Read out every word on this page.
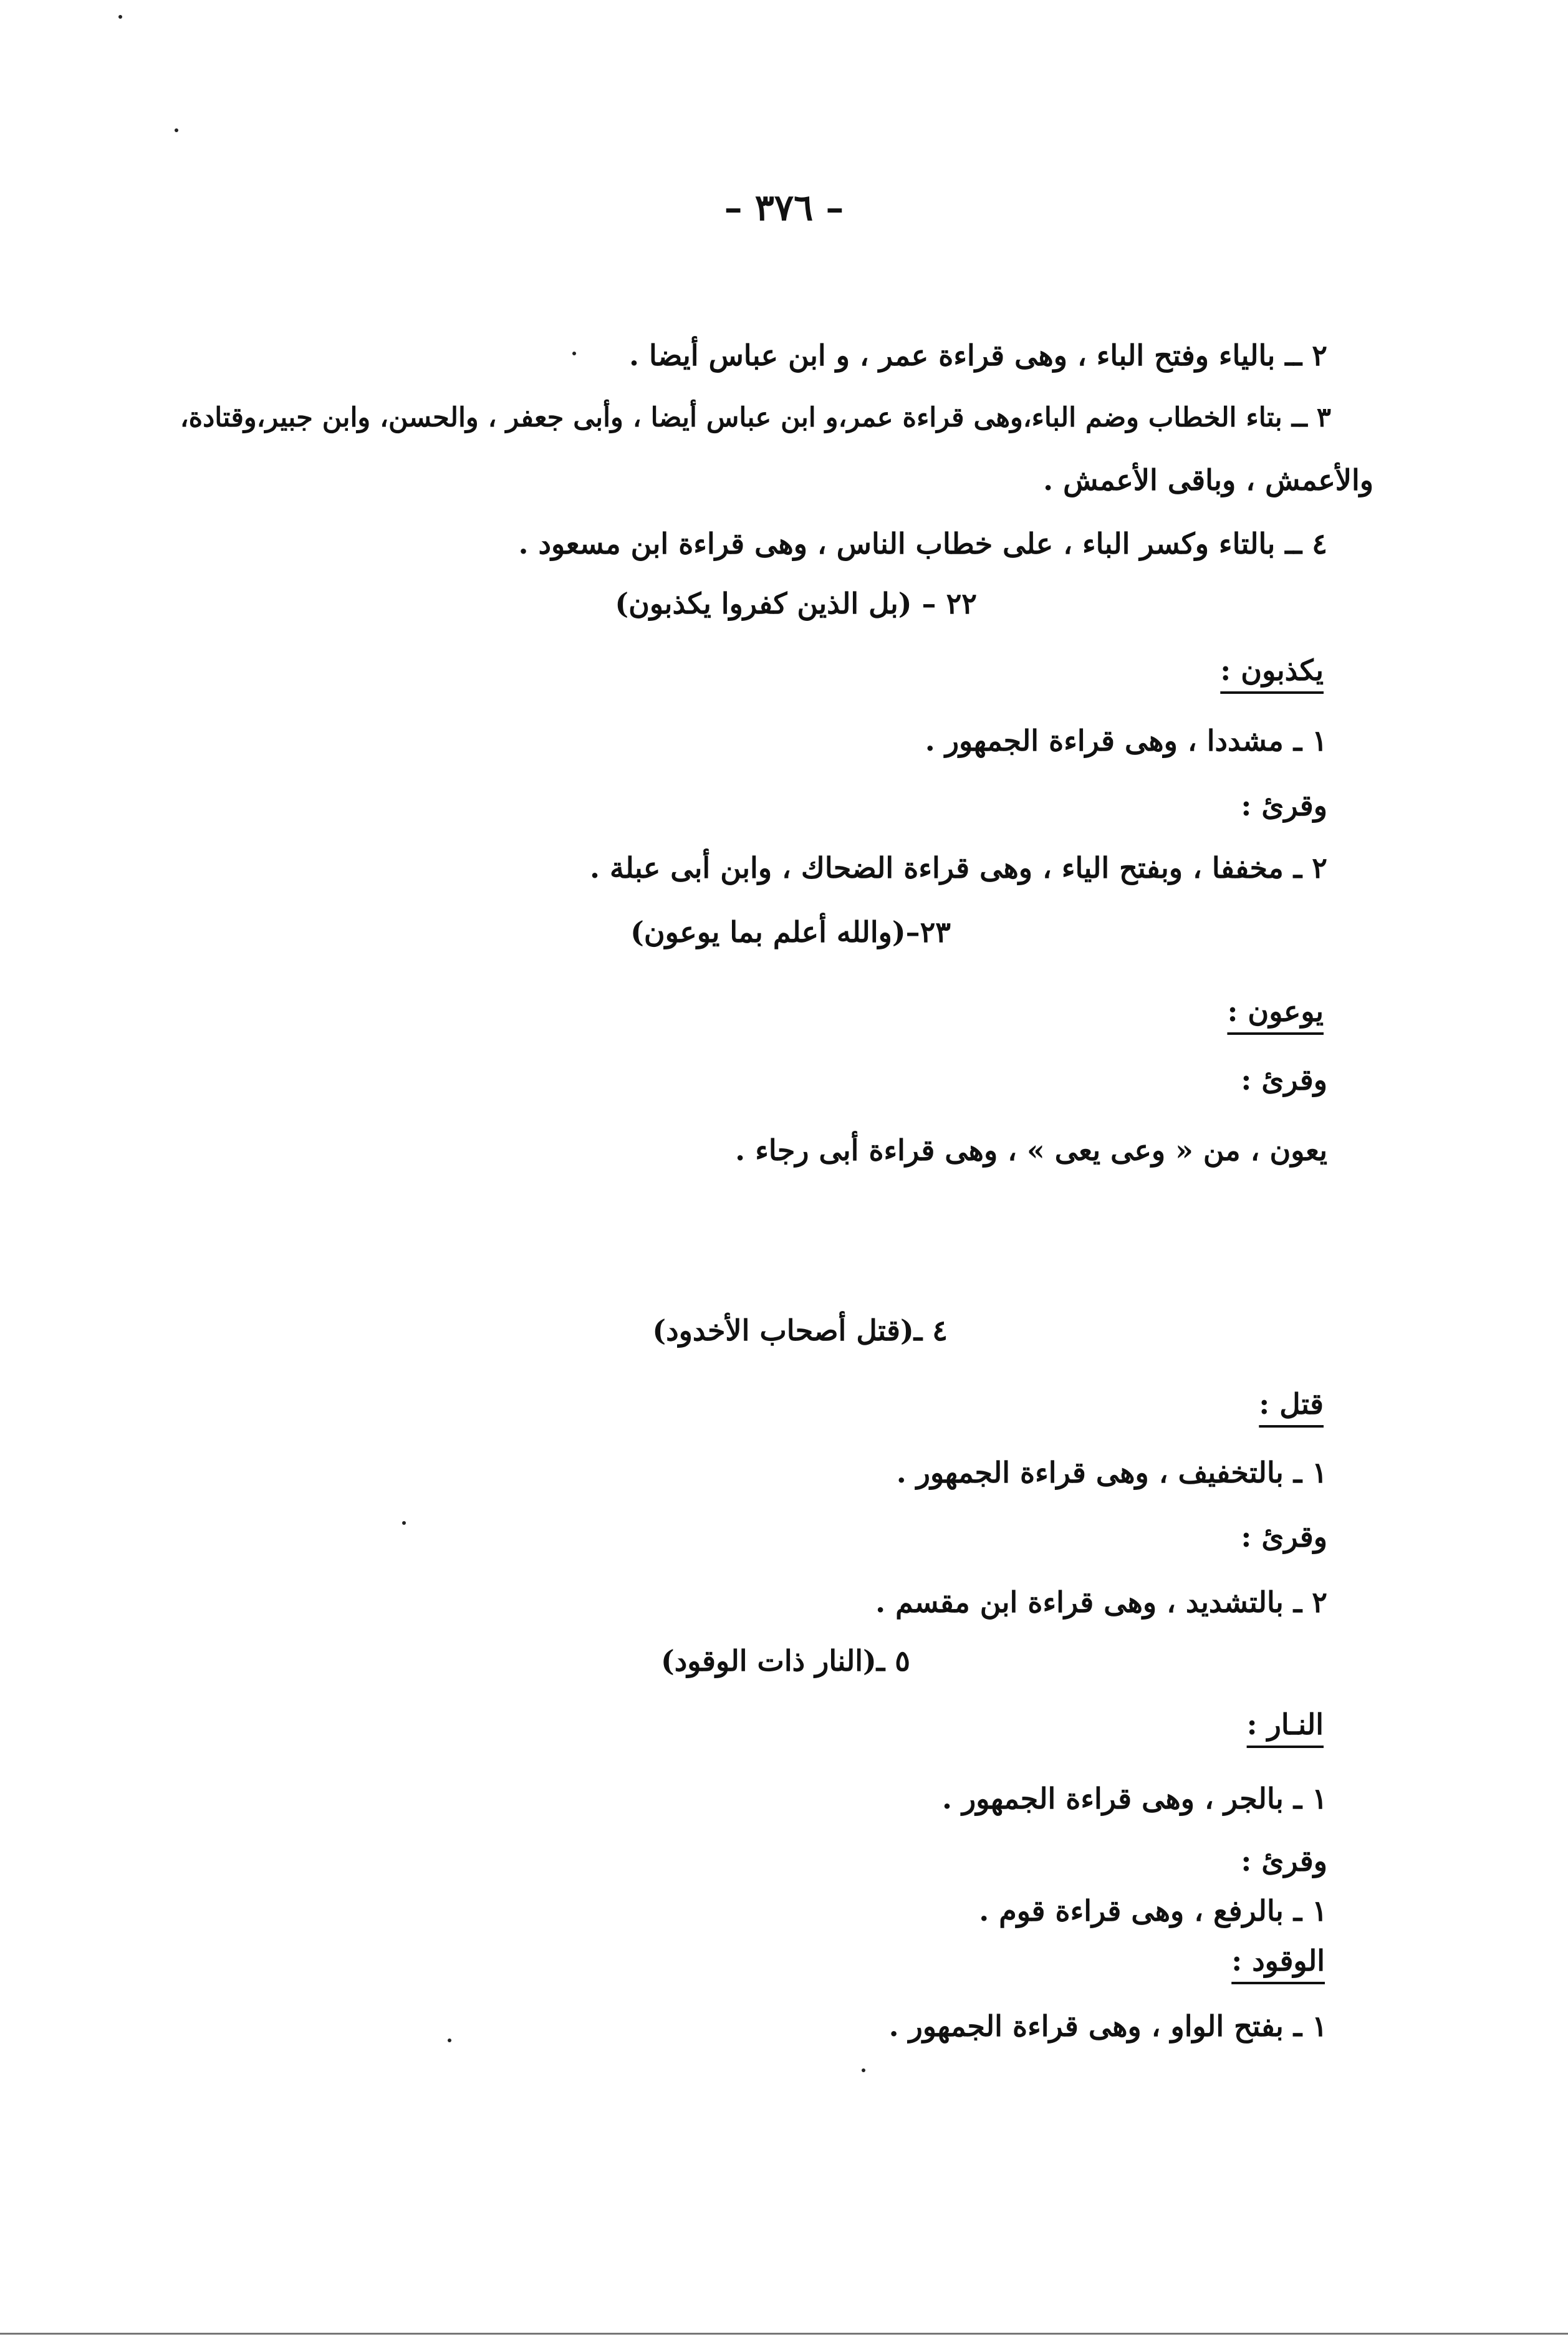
– ٣٧٦ –
٢ ــ بالياء وفتح الباء ، وهى قراءة عمر ، و ابن عباس أيضا .
٣ ــ بتاء الخطاب وضم الباء،وهى قراءة عمر،و ابن عباس أيضا ، وأبى جعفر ، والحسن، وابن جبير،وقتادة،
والأعمش ، وباقى الأعمش .
٤ ــ بالتاء وكسر الباء ، على خطاب الناس ، وهى قراءة ابن مسعود .
٢٢ – (بل الذين كفروا يكذبون)
يكذبون :
١ ـ مشددا ، وهى قراءة الجمهور .
وقرئ :
٢ ـ مخففا ، وبفتح الياء ، وهى قراءة الضحاك ، وابن أبى عبلة .
٢٣–(والله أعلم بما يوعون)
يوعون :
وقرئ :
يعون ، من « وعى يعى » ، وهى قراءة أبى رجاء .
٤ ـ(قتل أصحاب الأخدود)
قتل :
١ ـ بالتخفيف ، وهى قراءة الجمهور .
وقرئ :
٢ ـ بالتشديد ، وهى قراءة ابن مقسم .
٥ ـ(النار ذات الوقود)
النـار :
١ ـ بالجر ، وهى قراءة الجمهور .
وقرئ :
١ ـ بالرفع ، وهى قراءة قوم .
الوقود :
١ ـ بفتح الواو ، وهى قراءة الجمهور .
